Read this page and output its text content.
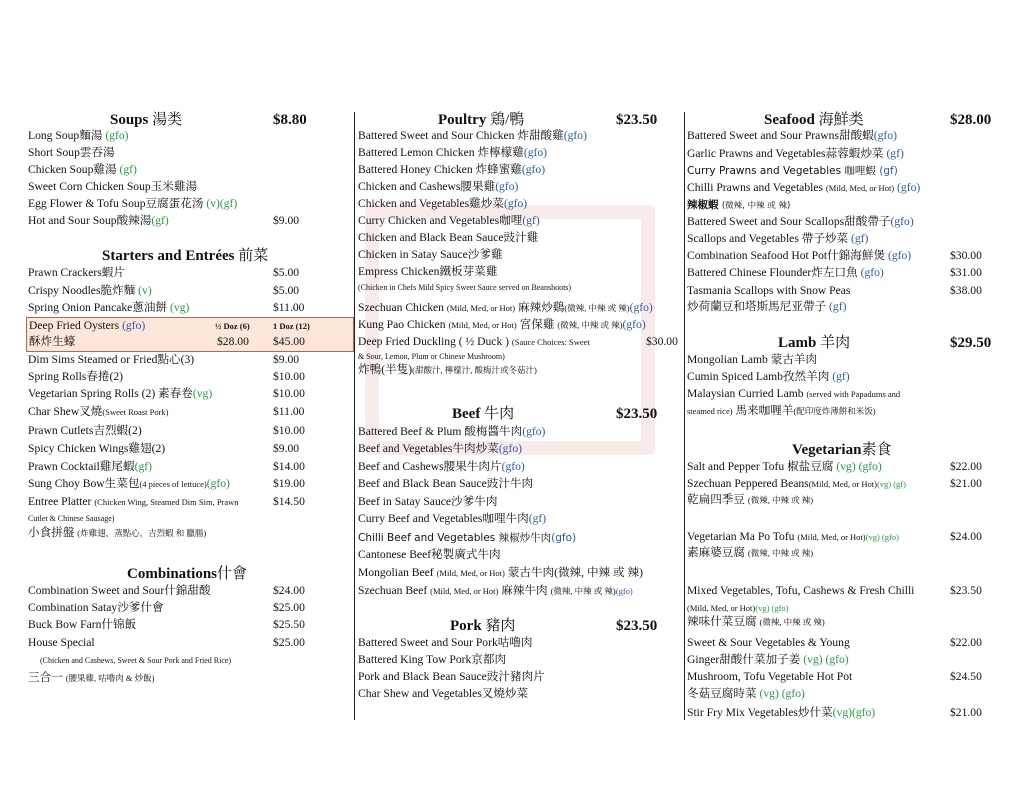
Soups 湯类	$8.80
Long Soup麵湯 (gfo)
Short Soup雲吞湯
Chicken Soup雞湯 (gf)
Sweet Corn Chicken Soup玉米雞湯
Egg Flower & Tofu Soup豆腐蛋花汤 (v)(gf)
Hot and Sour Soup酸辣湯(gf)	$9.00
Starters and Entrées 前菜
Prawn Crackers蝦片	$5.00
Crispy Noodles脆炸麵 (v)	$5.00
Spring Onion Pancake蔥油餅 (vg)	$11.00
Deep Fried Oysters (gfo)	½ Doz (6)	1 Doz (12)
酥炸生蠔	$28.00 $45.00
Dim Sims Steamed or Fried點心(3)	$9.00
Spring Rolls春捲(2)	$10.00
Vegetarian Spring Rolls (2) 素春卷(vg)	$10.00
Char Shew叉燒(Sweet Roast Pork)	$11.00
Prawn Cutlets吉烈蝦(2)	$10.00
Spicy Chicken Wings雞翅(2)	$9.00
Prawn Cocktail雞尾蝦(gf)	$14.00
Sung Choy Bow生菜包(4 pieces of lettuce)(gfo)	$19.00
Entree Platter (Chicken Wing, Steamed Dim Sim, Prawn	$14.50
Cutlet & Chinese Sausage)
小食拼盤 (炸雞翅，蒸點心，吉烈蝦 和 臘腸)
Combinations什會
Combination Sweet and Sour什錦甜酸	$24.00
Combination Satay沙爹什會	$25.00
Buck Bow Farn什锦飯	$25.50
House Special	$25.00
(Chicken and Cashews, Sweet & Sour Pork and Fried Rice)
三合一 (腰果雞, 咕嚕肉 & 炒飯)
Poultry 鶏/鴨	$23.50
Battered Sweet and Sour Chicken 炸甜酸雞(gfo)
Battered Lemon Chicken 炸檸檬雞(gfo)
Battered Honey Chicken 炸蜂蜜雞(gfo)
Chicken and Cashews腰果雞(gfo)
Chicken and Vegetables雞炒菜(gfo)
Curry Chicken and Vegetables咖哩(gf)
Chicken and Black Bean Sauce豉汁雞
Chicken in Satay Sauce沙爹雞
Empress Chicken鐵板芽菜雞
(Chicken in Chefs Mild Spicy Sweet Sauce served on Beanshoots)
Szechuan Chicken (Mild, Med, or Hot) 麻辣炒鷄(微辣, 中辣 或 辣)(gfo)
Kung Pao Chicken (Mild, Med, or Hot) 宮保雞 (微辣, 中辣 或 辣)(gfo)
Deep Fried Duckling ( ½ Duck ) (Sauce Choices: Sweet	$30.00
& Sour, Lemon, Plum or Chinese Mushroom)
炸鴨(半隻)(甜酸汁, 檸檬汁, 酸梅汁或冬菇汁)
Beef 牛肉	$23.50
Battered Beef & Plum 酸梅醬牛肉(gfo)
Beef and Vegetables牛肉炒菜(gfo)
Beef and Cashews腰果牛肉片(gfo)
Beef and Black Bean Sauce豉汁牛肉
Beef in Satay Sauce沙爹牛肉
Curry Beef and Vegetables咖哩牛肉(gf)
Chilli Beef and Vegetables 辣椒炒牛肉(gfo)
Cantonese Beef秘製廣式牛肉
Mongolian Beef (Mild, Med, or Hot) 蒙古牛肉(微辣, 中辣 或 辣)
Szechuan Beef (Mild, Med, or Hot) 麻辣牛肉 (微辣, 中辣 或 辣)(gfo)
Pork 豬肉	$23.50
Battered Sweet and Sour Pork咕嚕肉
Battered King Tow Pork京都肉
Pork and Black Bean Sauce豉汁豬肉片
Char Shew and Vegetables叉燒炒菜
Seafood 海鮮类	$28.00
Battered Sweet and Sour Prawns甜酸蝦(gfo)
Garlic Prawns and Vegetables蒜蓉蝦炒菜 (gf)
Curry Prawns and Vegetables 咖哩蝦 (gf)
Chilli Prawns and Vegetables (Mild, Med, or Hot) (gfo)
辣椒蝦 (微辣, 中辣 或 辣)
Battered Sweet and Sour Scallops甜酸帶子(gfo)
Scallops and Vegetables 帶子炒菜 (gf)
Combination Seafood Hot Pot什錦海鮮煲 (gfo)	$30.00
Battered Chinese Flounder炸左口魚 (gfo)	$31.00
Tasmania Scallops with Snow Peas	$38.00
炒荷蘭豆和塔斯馬尼亚帶子 (gf)
Lamb 羊肉	$29.50
Mongolian Lamb 蒙古羊肉
Cumin Spiced Lamb孜然羊肉 (gf)
Malaysian Curried Lamb (served with Papadums and
steamed rice) 馬来咖喱羊(配印度炸薄餅和米饭)
Vegetarian素食
Salt and Pepper Tofu 椒盐豆腐 (vg) (gfo)	$22.00
Szechuan Peppered Beans(Mild, Med, or Hot)(vg) (gf)	$21.00
乾扁四季豆 (微辣, 中辣 或 辣)
Vegetarian Ma Po Tofu (Mild, Med, or Hot)(vg) (gfo)	$24.00
素麻婆豆腐 (微辣, 中辣 或 辣)
Mixed Vegetables, Tofu, Cashews & Fresh Chilli	$23.50
(Mild, Med, or Hot)(vg) (gfo)
辣味什菜豆腐 (微辣, 中辣 或 辣)
Sweet & Sour Vegetables & Young	$22.00
Ginger甜酸什菜加子姜 (vg) (gfo)
Mushroom, Tofu Vegetable Hot Pot	$24.50
冬菇豆腐時菜 (vg) (gfo)
Stir Fry Mix Vegetables炒什菜(vg)(gfo)	$21.00
